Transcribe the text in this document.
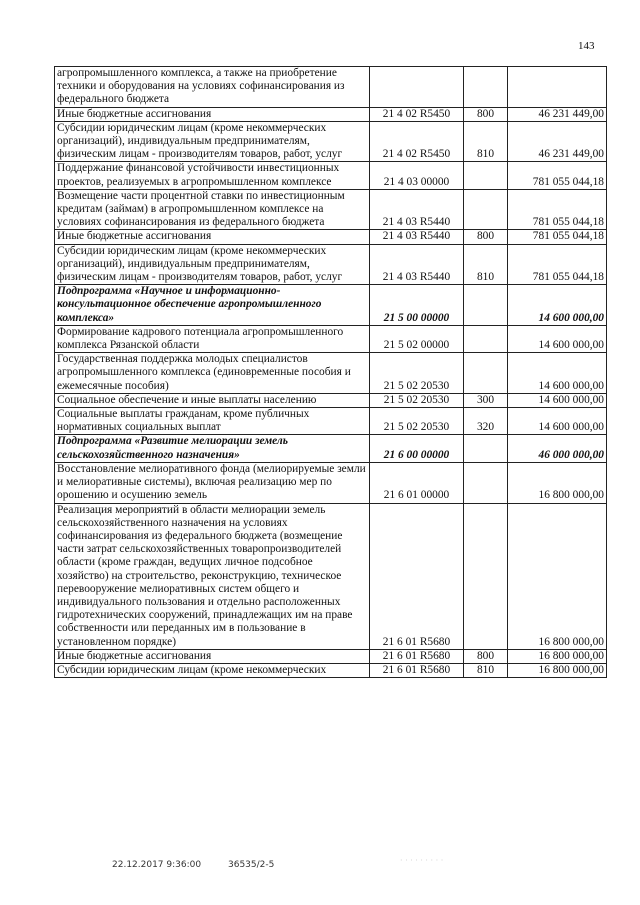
143
агропромышленного комплекса, а также на приобретение техники и оборудования на условиях софинансирования из федерального бюджета			
Иные бюджетные ассигнования	21 4 02 R5450	800	46 231 449,00
Субсидии юридическим лицам (кроме некоммерческих организаций), индивидуальным предпринимателям, физическим лицам - производителям товаров, работ, услуг	21 4 02 R5450	810	46 231 449,00
Поддержание финансовой устойчивости инвестиционных проектов, реализуемых в агропромышленном комплексе	21 4 03 00000		781 055 044,18
Возмещение части процентной ставки по инвестиционным кредитам (займам) в агропромышленном комплексе на условиях софинансирования из федерального бюджета	21 4 03 R5440		781 055 044,18
Иные бюджетные ассигнования	21 4 03 R5440	800	781 055 044,18
Субсидии юридическим лицам (кроме некоммерческих организаций), индивидуальным предпринимателям, физическим лицам - производителям товаров, работ, услуг	21 4 03 R5440	810	781 055 044,18
Подпрограмма «Научное и информационно-консультационное обеспечение агропромышленного комплекса»	21 5 00 00000		14 600 000,00
Формирование кадрового потенциала агропромышленного комплекса Рязанской области	21 5 02 00000		14 600 000,00
Государственная поддержка молодых специалистов агропромышленного комплекса (единовременные пособия и ежемесячные пособия)	21 5 02 20530		14 600 000,00
Социальное обеспечение и иные выплаты населению	21 5 02 20530	300	14 600 000,00
Социальные выплаты гражданам, кроме публичных нормативных социальных выплат	21 5 02 20530	320	14 600 000,00
Подпрограмма «Развитие мелиорации земель сельскохозяйственного назначения»	21 6 00 00000		46 000 000,00
Восстановление мелиоративного фонда (мелиорируемые земли и мелиоративные системы), включая реализацию мер по орошению и осушению земель	21 6 01 00000		16 800 000,00
Реализация мероприятий в области мелиорации земель сельскохозяйственного назначения на условиях софинансирования из федерального бюджета (возмещение части затрат сельскохозяйственных товаропроизводителей области (кроме граждан, ведущих личное подсобное хозяйство) на строительство, реконструкцию, техническое перевооружение мелиоративных систем общего и индивидуального пользования и отдельно расположенных гидротехнических сооружений, принадлежащих им на праве собственности или переданных им в пользование в установленном порядке)	21 6 01 R5680		16 800 000,00
Иные бюджетные ассигнования	21 6 01 R5680	800	16 800 000,00
Субсидии юридическим лицам (кроме некоммерческих	21 6 01 R5680	810	16 800 000,00
22.12.2017 9:36:00	36535/2-5	· · · · · · · · ·
